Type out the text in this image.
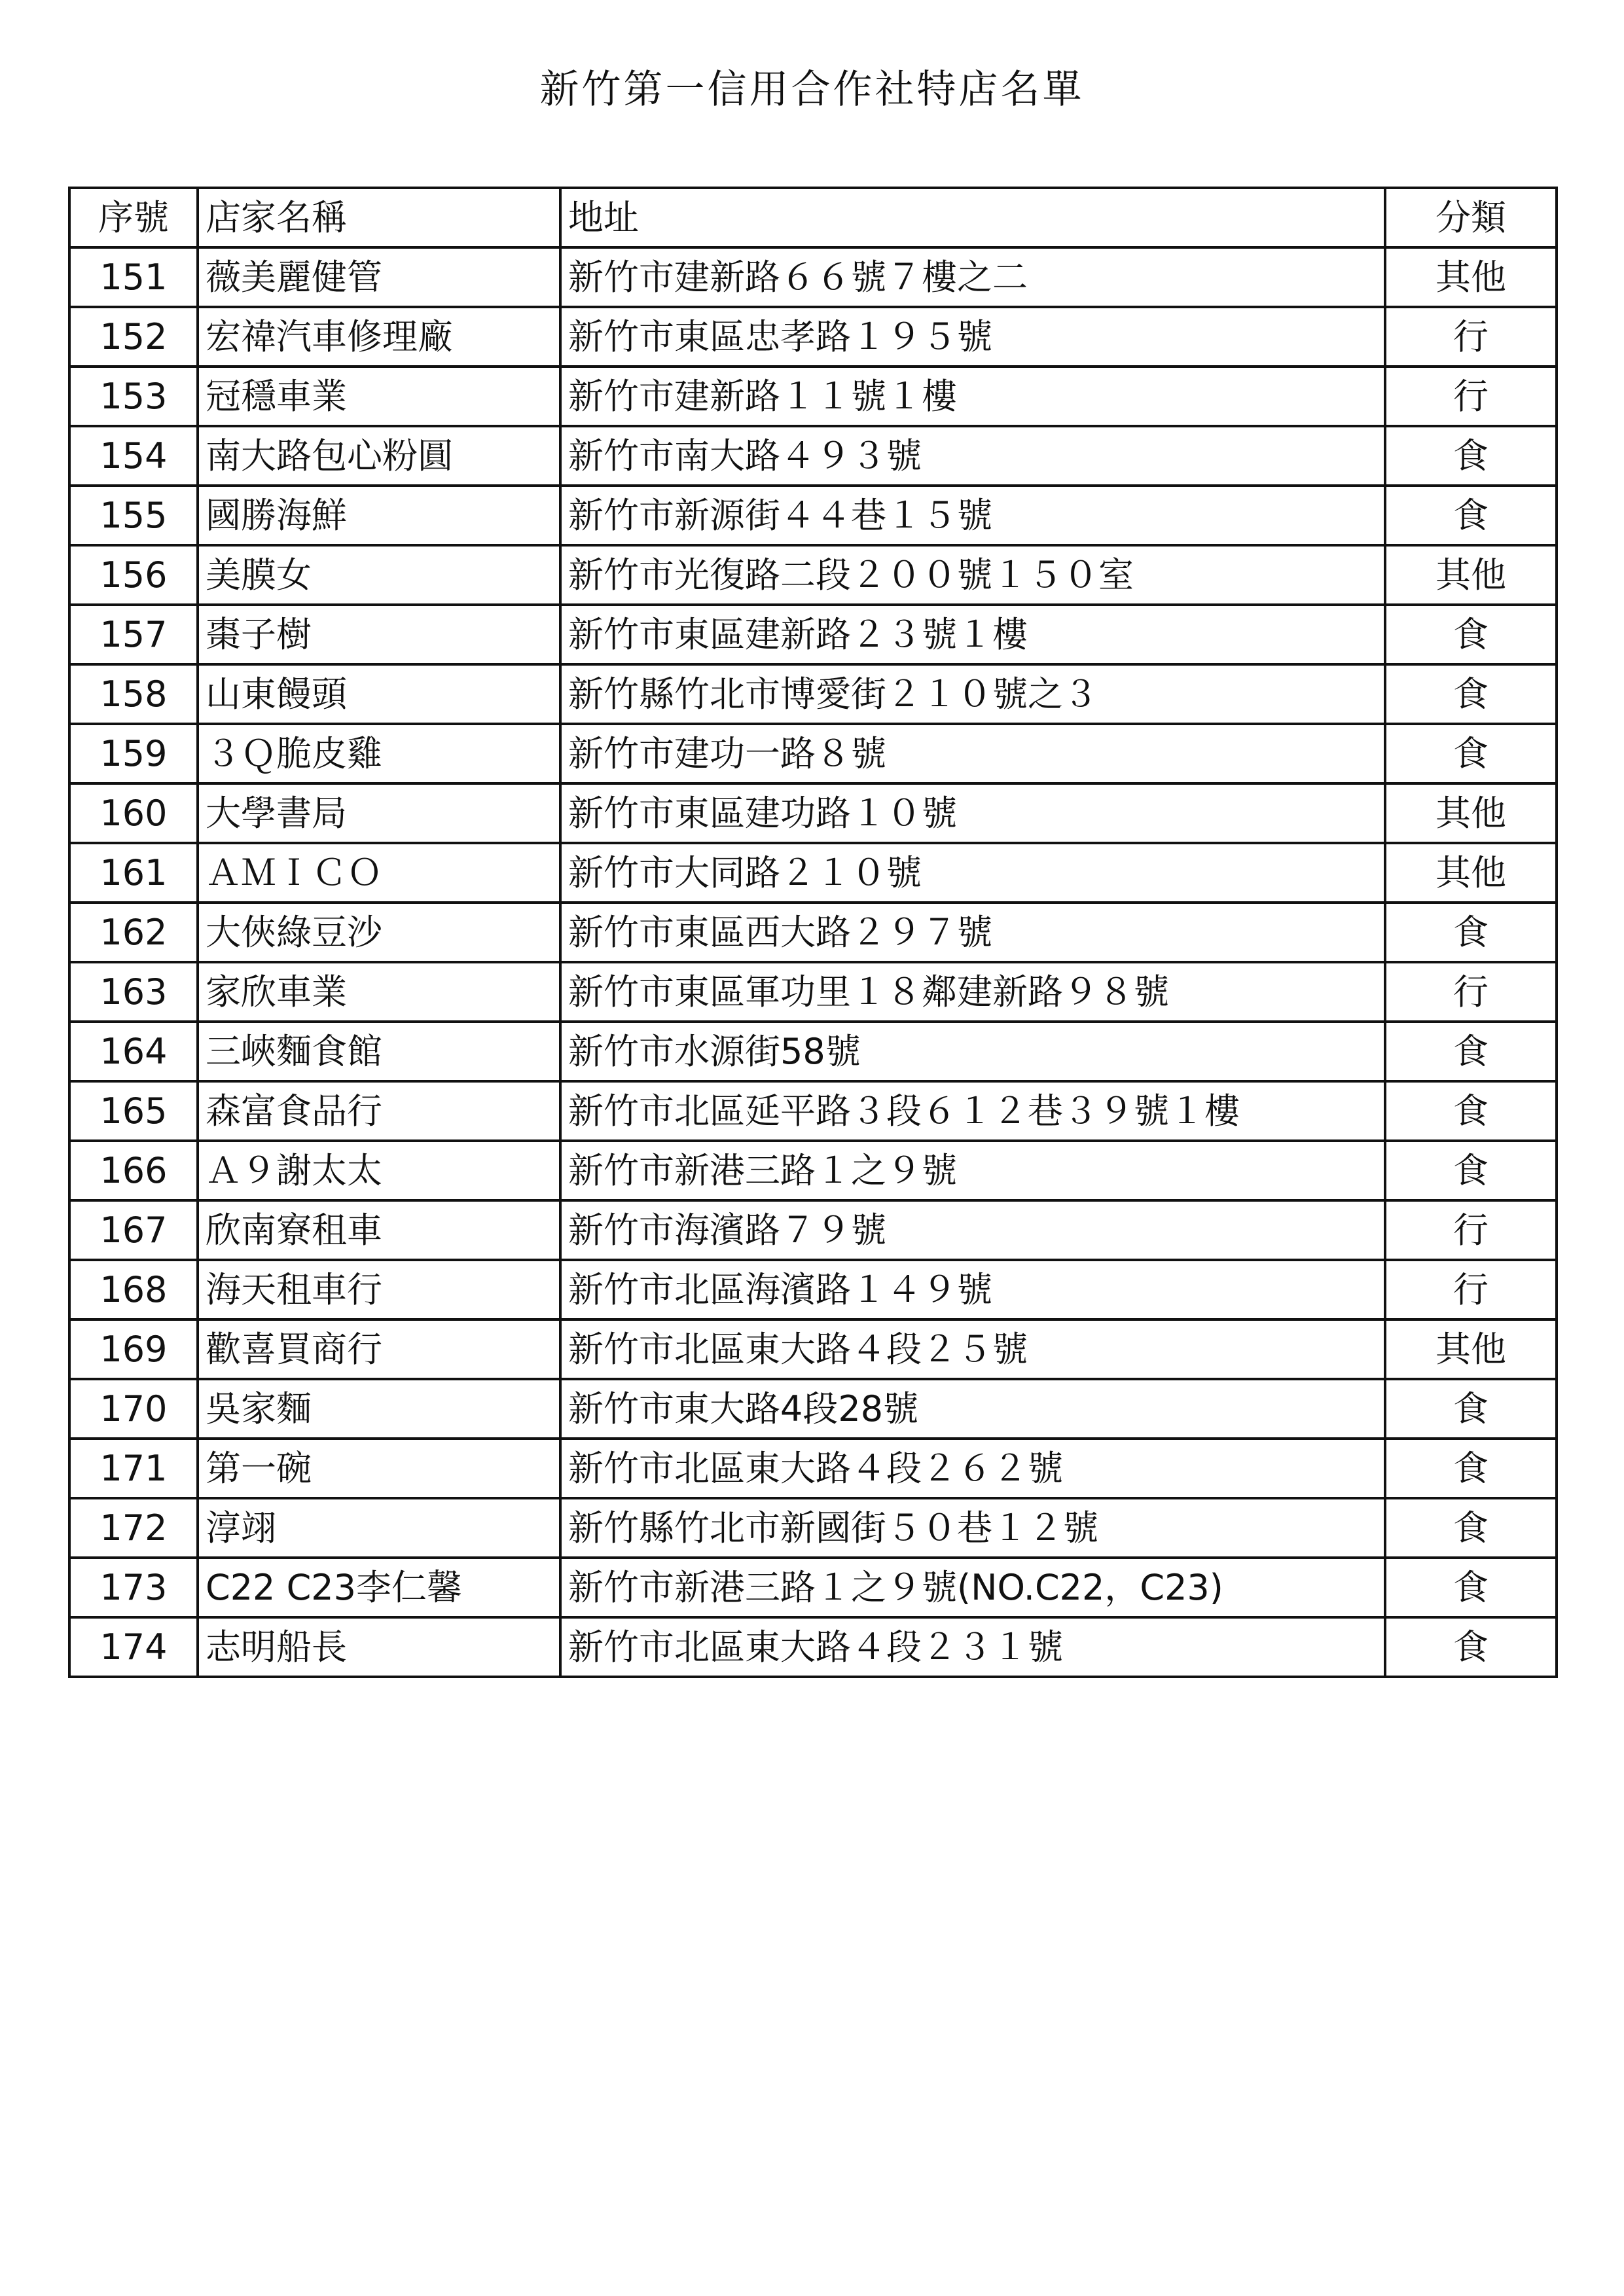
新竹第一信用合作社特店名單
序號	店家名稱	地址	分類
151	薇美麗健管	新竹市建新路６６號７樓之二	其他
152	宏禕汽車修理廠	新竹市東區忠孝路１９５號	行
153	冠穩車業	新竹市建新路１１號１樓	行
154	南大路包心粉圓	新竹市南大路４９３號	食
155	國勝海鮮	新竹市新源街４４巷１５號	食
156	美膜女	新竹市光復路二段２００號１５０室	其他
157	棗子樹	新竹市東區建新路２３號１樓	食
158	山東饅頭	新竹縣竹北市博愛街２１０號之３	食
159	３Ｑ脆皮雞	新竹市建功一路８號	食
160	大學書局	新竹市東區建功路１０號	其他
161	ＡＭＩＣＯ	新竹市大同路２１０號	其他
162	大俠綠豆沙	新竹市東區西大路２９７號	食
163	家欣車業	新竹市東區軍功里１８鄰建新路９８號	行
164	三峽麵食館	新竹市水源街58號	食
165	森富食品行	新竹市北區延平路３段６１２巷３９號１樓	食
166	Ａ９謝太太	新竹市新港三路１之９號	食
167	欣南寮租車	新竹市海濱路７９號	行
168	海天租車行	新竹市北區海濱路１４９號	行
169	歡喜買商行	新竹市北區東大路４段２５號	其他
170	吳家麵	新竹市東大路4段28號	食
171	第一碗	新竹市北區東大路４段２６２號	食
172	淳翊	新竹縣竹北市新國街５０巷１２號	食
173	C22 C23李仁馨	新竹市新港三路１之９號(NO.C22，C23)	食
174	志明船長	新竹市北區東大路４段２３１號	食
